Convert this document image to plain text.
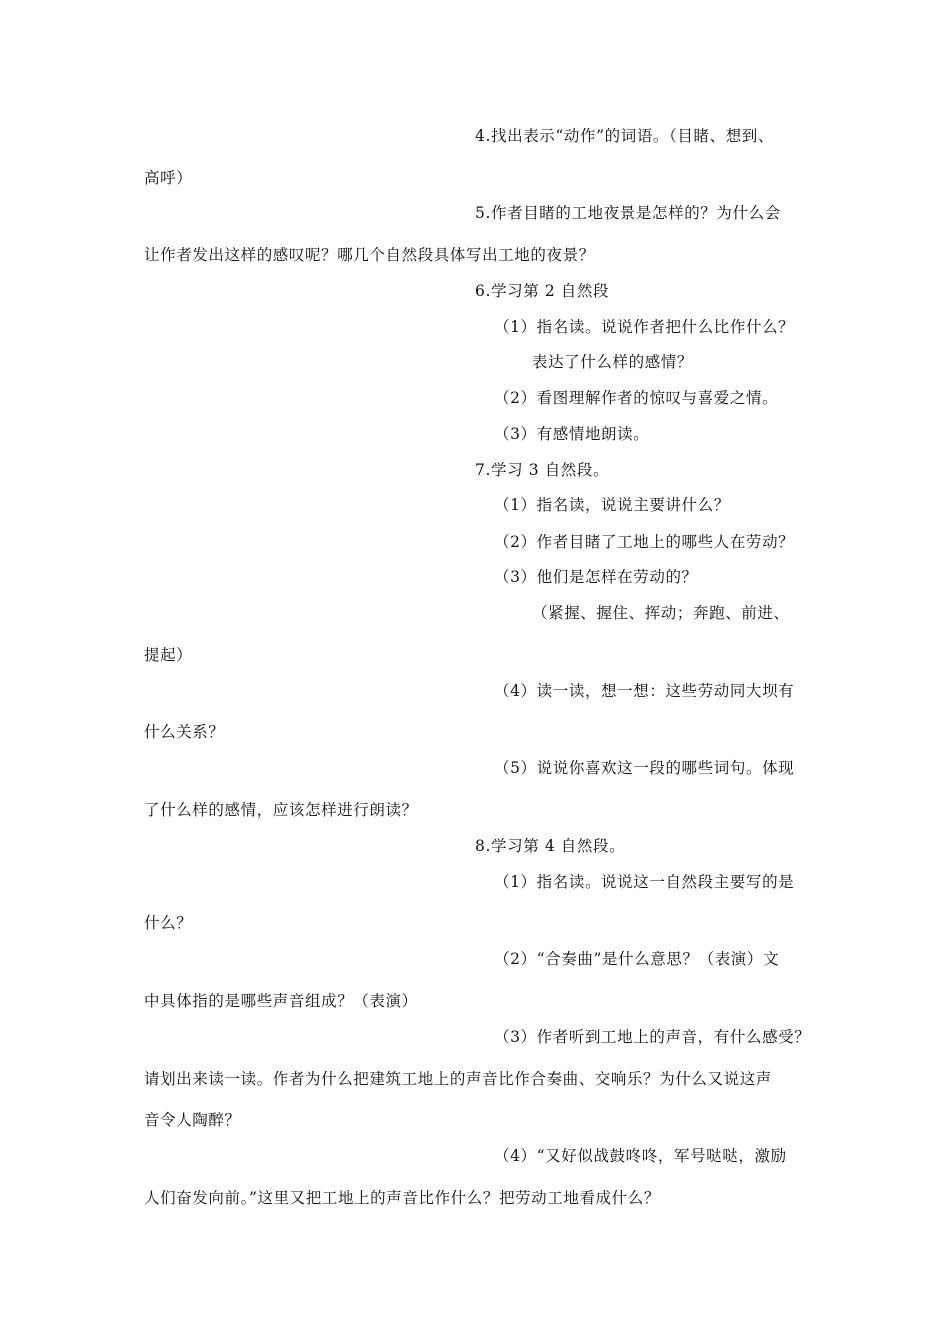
4.找出表示“动作”的词语。（目睹、想到、
高呼）
5.作者目睹的工地夜景是怎样的？为什么会
让作者发出这样的感叹呢？哪几个自然段具体写出工地的夜景？
6.学习第 2 自然段
（1）指名读。说说作者把什么比作什么？
表达了什么样的感情？
（2）看图理解作者的惊叹与喜爱之情。
（3）有感情地朗读。
7.学习 3 自然段。
（1）指名读，说说主要讲什么？
（2）作者目睹了工地上的哪些人在劳动？
（3）他们是怎样在劳动的？
（紧握、握住、挥动；奔跑、前进、
提起）
（4）读一读，想一想：这些劳动同大坝有
什么关系？
（5）说说你喜欢这一段的哪些词句。体现
了什么样的感情，应该怎样进行朗读？
8.学习第 4 自然段。
（1）指名读。说说这一自然段主要写的是
什么？
（2）“合奏曲”是什么意思？（表演）文
中具体指的是哪些声音组成？（表演）
（3）作者听到工地上的声音，有什么感受？
请划出来读一读。作者为什么把建筑工地上的声音比作合奏曲、交响乐？为什么又说这声
音令人陶醉？
（4）“又好似战鼓咚咚，军号哒哒，激励
人们奋发向前。”这里又把工地上的声音比作什么？把劳动工地看成什么？
